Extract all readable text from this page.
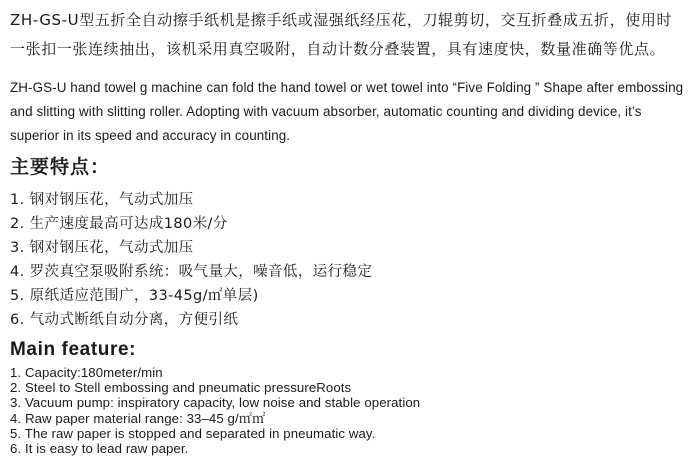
ZH-GS-U型五折全自动擦手纸机是擦手纸或湿强纸经压花，刀辊剪切，交互折叠成五折，使用时一张扣一张连续抽出，该机采用真空吸附，自动计数分叠装置，具有速度快，数量准确等优点。

ZH-GS-U hand towel g machine can fold the hand towel or wet towel into “Five Folding ” Shape after embossing and slitting with slitting roller. Adopting with vacuum absorber, automatic counting and dividing device, it’s superior in its speed and accuracy in counting.

主要特点：
1. 钢对钢压花，气动式加压
2. 生产速度最高可达成180米/分
3. 钢对钢压花，气动式加压
4. 罗茨真空泵吸附系统：吸气量大，噪音低，运行稳定
5. 原纸适应范围广，33-45g/㎡单层)
6. 气动式断纸自动分离，方便引纸
Main feature:
1. Capacity:180meter/min
2. Steel to Stell embossing and pneumatic pressureRoots
3. Vacuum pump: inspiratory capacity, low noise and stable operation
4. Raw paper material range: 33–45 g/㎡㎡
5. The raw paper is stopped and separated in pneumatic way.
6. It is easy to lead raw paper.
